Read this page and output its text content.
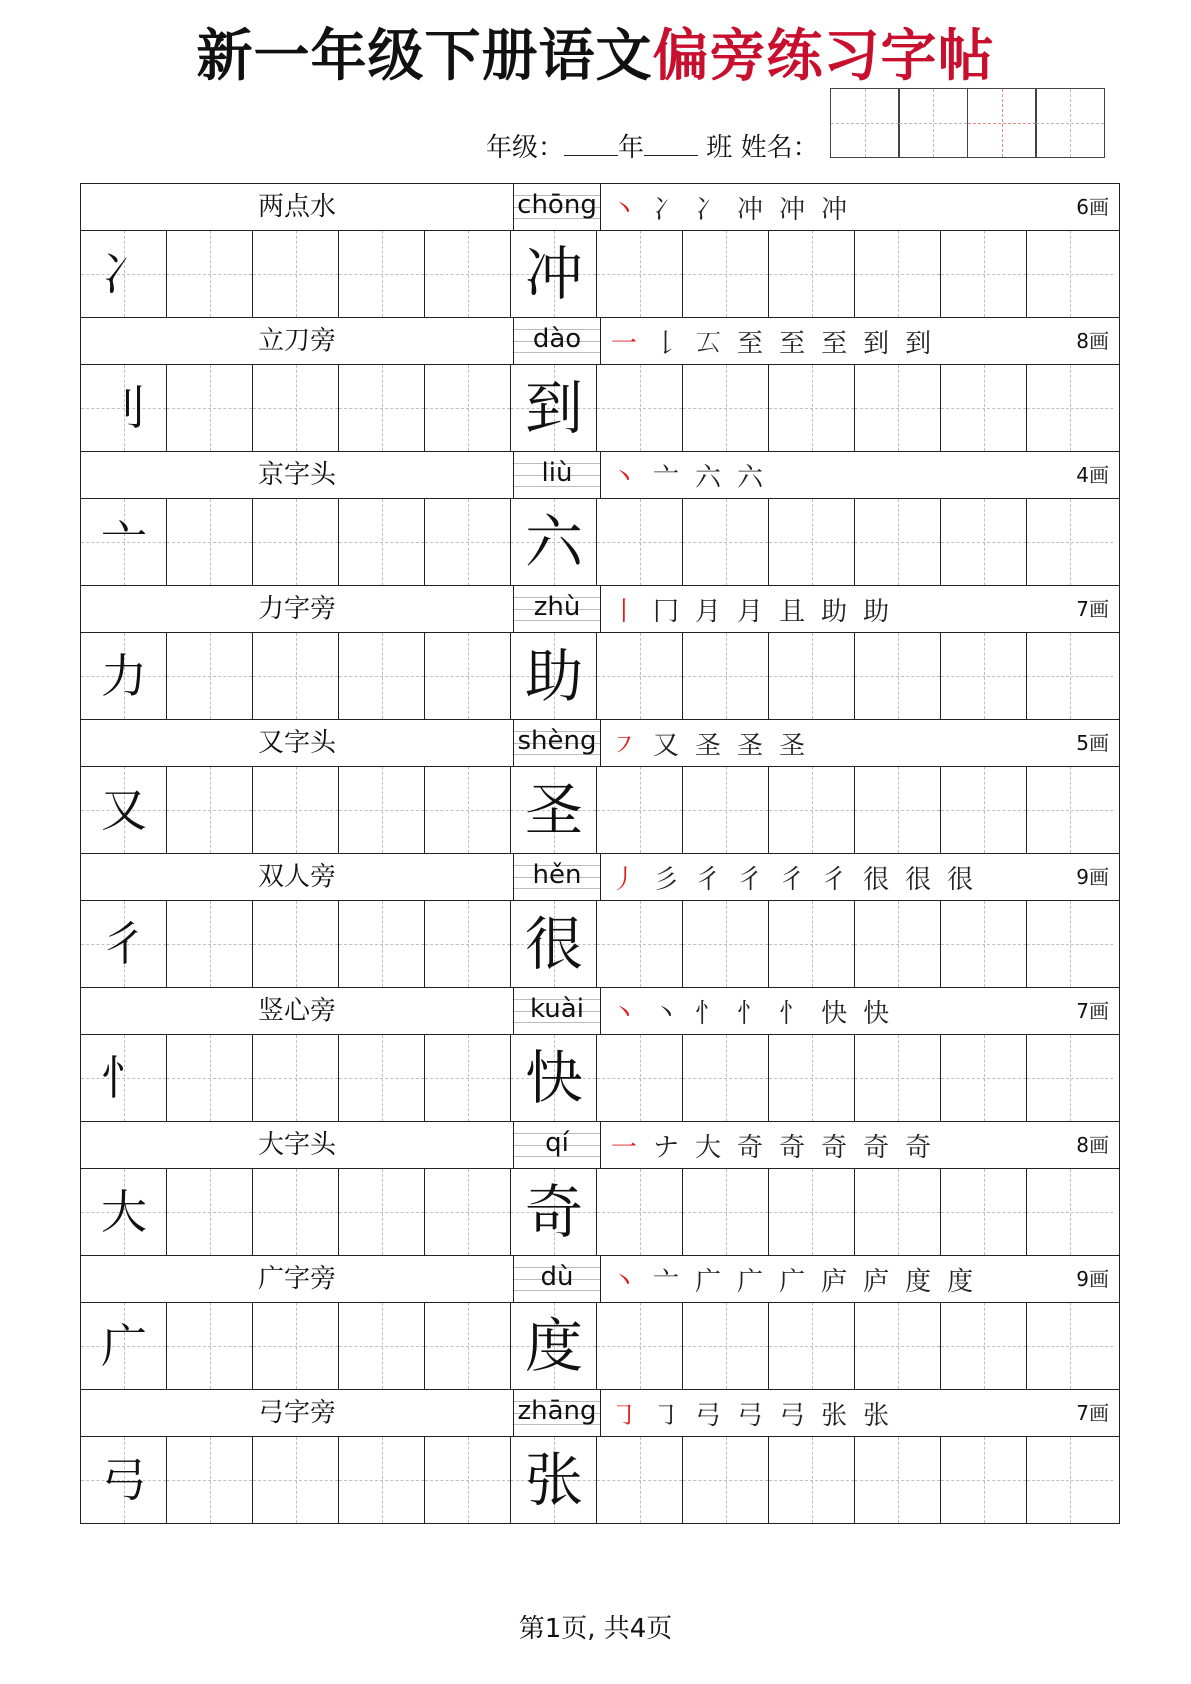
新一年级下册语文偏旁练习字帖
年级： 年 班 姓名：
两点水	chōng 丶 冫 冫 冲 冲 冲	6画
冫	冲
立刀旁	dào	一 𠄌 𠫔 至 至 至 到 到	8画
刂	到
京字头	liù	丶 亠 六 六	4画
亠	六
力字旁	zhù	丨 冂 月 月 且 助 助	7画
力	助
又字头	shèng ㇇ 又 圣 圣 圣	5画
又	圣
双人旁	hěn	丿 彡 彳 彳 彳 彳 很 很 很	9画
彳	很
竖心旁	kuài	丶 丶 忄 忄 忄 快 快	7画
忄	快
大字头	qí	一 ナ 大 奇 奇 奇 奇 奇	8画
大	奇
广字旁	dù	丶 亠 广 广 广 庐 庐 度 度	9画
广	度
弓字旁	zhāng ㇆ ㇆ 弓 弓 弓 张 张	7画
弓	张
第1页, 共4页
